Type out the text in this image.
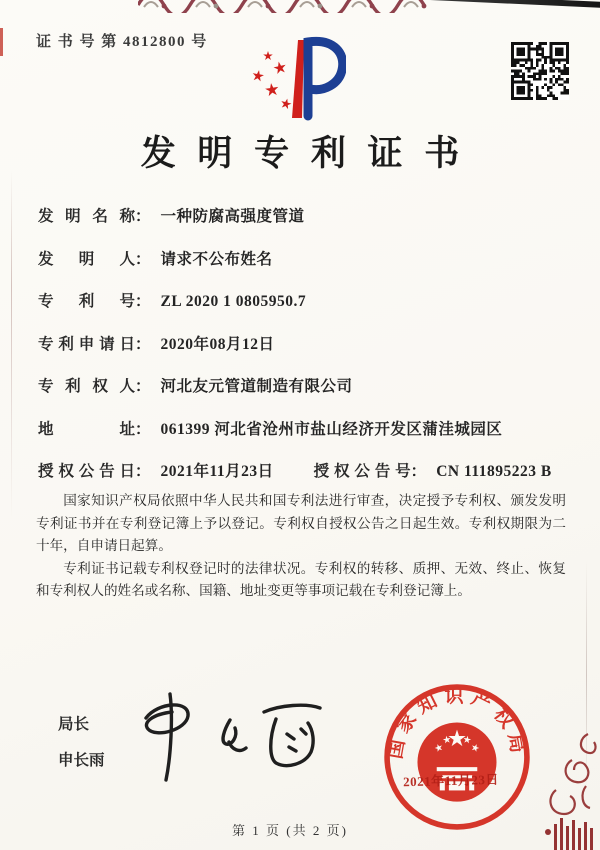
证 书 号 第 4812800 号
发明专利证书
发明名称： 一种防腐高强度管道
发明人： 请求不公布姓名
专利号： ZL 2020 1 0805950.7
专利申请日： 2020年08月12日
专利权人： 河北友元管道制造有限公司
地址： 061399 河北省沧州市盐山经济开发区蒲洼城园区
授权公告日： 2021年11月23日	授权公告号： CN 111895223 B

国家知识产权局依照中华人民共和国专利法进行审查，决定授予专利权、颁发发明专利证书并在专利登记簿上予以登记。专利权自授权公告之日起生效。专利权期限为二十年，自申请日起算。

专利证书记载专利权登记时的法律状况。专利权的转移、质押、无效、终止、恢复和专利权人的姓名或名称、国籍、地址变更等事项记载在专利登记簿上。

局长
申长雨	国家知识产权局
2021年11月23日
第 1 页 (共 2 页)
